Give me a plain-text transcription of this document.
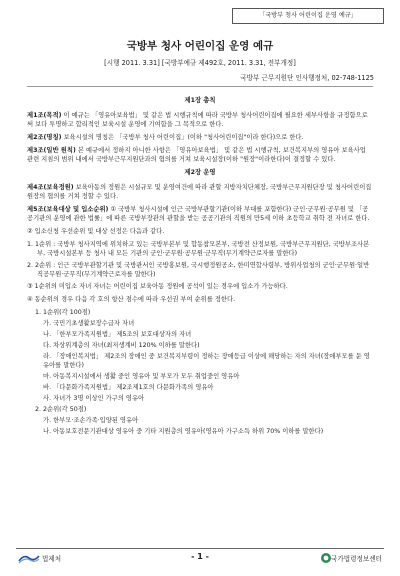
「국방부 청사 어린이집 운영 예규」
국방부 청사 어린이집 운영 예규
[시행 2011. 3.31] [국방부예규 제492호, 2011. 3.31, 전부개정]
국방부 근무지원단 인사행정처, 02-748-1125
제1장 총칙

제1조(목적) 이 예규는 「영유아보육법」 및 같은 법 시행규칙에 따라 국방부 청사어린이집에 필요한 세부사항을 규정함으로써 보다 투명하고 합리적인 보육시설 운영에 기여함을 그 목적으로 한다.

제2조(명칭) 보육시설의 명칭은 「국방부 청사 어린이집」(이하 "청사어린이집"이라 한다)으로 한다.

제3조(일반 원칙) 본 예규에서 정하지 아니한 사항은 「영유아보육법」 및 같은 법 시행규칙, 보건복지부의 영유아 보육사업 관련 지침의 범위 내에서 국방부근무지원단과의 협의를 거쳐 보육시설장(이하 "원장"이라한다)이 결정할 수 있다.

제2장 운영

제4조(보육정원) 보육아동의 정원은 시설규모 및 운영여건에 따라 관할 지방자치단체장, 국방부근무지원단장 및 청사어린이집 원장의 협의를 거쳐 정할 수 있다.

제5조(보육대상 및 입소순위) ① 국방부 청사시설에 인근 국방부관할기관(이하 부대를 포함한다) 군인·군무원·공무원 및 「공공기관의 운영에 관한 법률」에 따른 국방부장관의 관할을 받는 공공기관의 직원의 만5세 이하 초등학교 취학 전 자녀로 한다.

② 입소신청 우선순위 및 대상 선정은 다음과 같다.

1. 1순위 : 국방부 청사지역에 위치하고 있는 국방부본부 및 합동참모본부, 국방전 산정보원, 국방부근무지원단, 국방부조사본부, 국방시설본부 등 청사 내 모든 기관의 군인·군무원·공무원·군무직(무기계약근로자를 말한다)

2. 2순위 : 인근 국방부관할기관 및 국방관서인 국방홍보원, 국시행정원공소, 한미연합사령부, 방위사업청의 군인·군무원·일반직공무원·군무직(무기계약근로자를 말한다)

③ 1순위의 미입소 자녀 자녀는 어린이집 보육아동 정원에 공석이 있는 경우에 입소가 가능하다.

④ 동순위의 경우 다음 각 호의 항산 점수에 따라 우선권 부여 순위를 정한다.

1. 1순위(각 100점)

가. 국민기초생활보장수급자 자녀

나. 「한부모가족지원법」 제5조의 보호대상자의 자녀

다. 차상위계층의 자녀(최저생계비 120% 이하를 말한다)

라. 「장애인복지법」 제2조의 장애인 중 보건복지부령이 정하는 장애등급 이상에 해당하는 자의 자녀(장애부모를 둔 영유아를 말한다)

마. 아동복지시설에서 생활 중인 영유아 및 부모가 모두 취업중인 영유아

바. 「다문화가족지원법」 제2조제1호의 다문화가족의 영유아

사. 자녀가 3명 이상인 가구의 영유아

2. 2순위(각 50점)

가. 한부모·조손가족·입양된 영유아

나. 아동보호전문기관대상 영유아 중 기타 지원층의 영유아(영유아 가구소득 하위 70% 이하를 말한다)

법제처	- 1 -	국가법령정보센터
